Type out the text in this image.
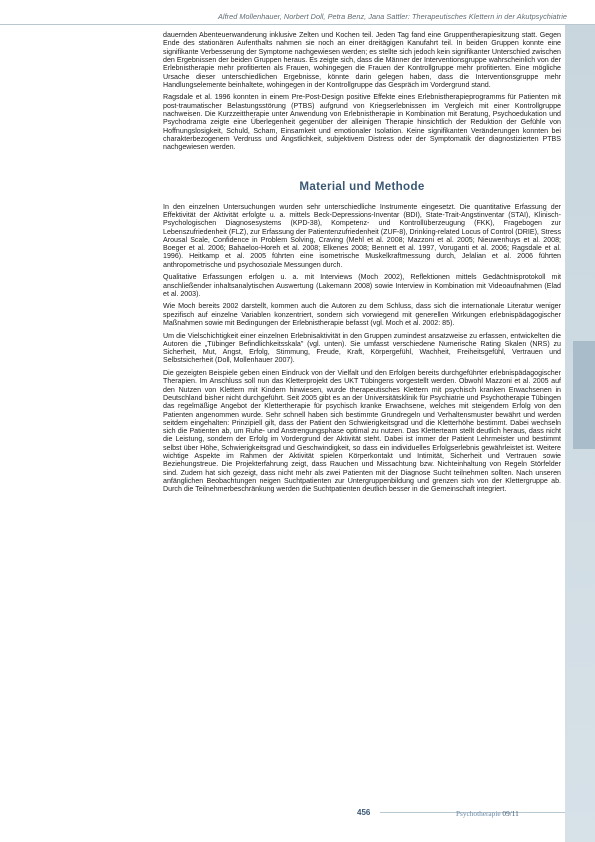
Alfred Mollenhauer, Norbert Doll, Petra Benz, Jana Sattler: Therapeutisches Klettern in der Akutpsychiatrie

dauernden Abenteuerwanderung inklusive Zelten und Kochen teil. Jeden Tag fand eine Gruppentherapiesitzung statt. Gegen Ende des stationären Aufenthalts nahmen sie noch an einer dreitägigen Kanufahrt teil. In beiden Gruppen konnte eine signifikante Verbesserung der Symptome nachgewiesen werden; es stellte sich jedoch kein signifikanter Unterschied zwischen den Ergebnissen der beiden Gruppen heraus. Es zeigte sich, dass die Männer der Interventionsgruppe wahrscheinlich von der Erlebnistherapie mehr profitierten als Frauen, wohingegen die Frauen der Kontrollgruppe mehr profitierten. Eine mögliche Ursache dieser unterschiedlichen Ergebnisse, könnte darin gelegen haben, dass die Interventionsgruppe mehr Handlungselemente beinhaltete, wohingegen in der Kontrollgruppe das Gespräch im Vordergrund stand.

Ragsdale et al. 1996 konnten in einem Pre-Post-Design positive Effekte eines Erlebnistherapieprogramms für Patienten mit post-traumatischer Belastungsstörung (PTBS) aufgrund von Kriegserlebnissen im Vergleich mit einer Kontrollgruppe nachweisen. Die Kurzzeittherapie unter Anwendung von Erlebnistherapie in Kombination mit Beratung, Psychoedukation und Psychodrama zeigte eine Überlegenheit gegenüber der alleinigen Therapie hinsichtlich der Reduktion der Gefühle von Hoffnungslosigkeit, Schuld, Scham, Einsamkeit und emotionaler Isolation. Keine signifikanten Veränderungen konnten bei charakterbezogenem Verdruss und Ängstlichkeit, subjektivem Distress oder der Symptomatik der diagnostizierten PTBS nachgewiesen werden.

Material und Methode

In den einzelnen Untersuchungen wurden sehr unterschiedliche Instrumente eingesetzt. Die quantitative Erfassung der Effektivität der Aktivität erfolgte u. a. mittels Beck-Depressions-Inventar (BDI), State-Trait-Angstinventar (STAI), Klinisch-Psychologischen Diagnosesystems (KPD-38), Kompetenz- und Kontrollüberzeugung (FKK), Fragebogen zur Lebenszufriedenheit (FLZ), zur Erfassung der Patientenzufriedenheit (ZUF-8), Drinking-related Locus of Control (DRIE), Stress Arousal Scale, Confidence in Problem Solving, Craving (Mehl et al. 2008; Mazzoni et al. 2005; Nieuwenhuys et al. 2008; Boeger et al. 2006; Bahaeloo-Horeh et al. 2008; Elkenes 2008; Bennett et al. 1997, Voruganti et al. 2006; Ragsdale et al. 1996). Heitkamp et al. 2005 führten eine isometrische Muskelkraftmessung durch, Jelalian et al. 2006 führten anthropometrische und psychosoziale Messungen durch.

Qualitative Erfassungen erfolgen u. a. mit Interviews (Moch 2002), Reflektionen mittels Gedächtnisprotokoll mit anschließender inhaltsanalytischen Auswertung (Lakemann 2008) sowie Interview in Kombination mit Videoaufnahmen (Elad et al. 2003).

Wie Moch bereits 2002 darstellt, kommen auch die Autoren zu dem Schluss, dass sich die internationale Literatur weniger spezifisch auf einzelne Variablen konzentriert, sondern sich vorwiegend mit generellen Wirkungen erlebnispädagogischer Maßnahmen sowie mit Bedingungen der Erlebnistherapie befasst (vgl. Moch et al. 2002: 85).

Um die Vielschichtigkeit einer einzelnen Erlebnisaktivität in den Gruppen zumindest ansatzweise zu erfassen, entwickelten die Autoren die „Tübinger Befindlichkeitsskala" (vgl. unten). Sie umfasst verschiedene Numerische Rating Skalen (NRS) zu Sicherheit, Mut, Angst, Erfolg, Stimmung, Freude, Kraft, Körpergefühl, Wachheit, Freiheitsgefühl, Vertrauen und Selbstsicherheit (Doll, Mollenhauer 2007).

Die gezeigten Beispiele geben einen Eindruck von der Vielfalt und den Erfolgen bereits durchgeführter erlebnispädagogischer Therapien. Im Anschluss soll nun das Kletterprojekt des UKT Tübingens vorgestellt werden. Obwohl Mazzoni et al. 2005 auf den Nutzen von Klettern mit Kindern hinwiesen, wurde therapeutisches Klettern mit psychisch kranken Erwachsenen in Deutschland bisher nicht durchgeführt. Seit 2005 gibt es an der Universitätsklinik für Psychiatrie und Psychotherapie Tübingen das regelmäßige Angebot der Klettertherapie für psychisch kranke Erwachsene, welches mit steigendem Erfolg von den Patienten angenommen wurde. Sehr schnell haben sich bestimmte Grundregeln und Verhaltensmuster bewährt und werden seitdem eingehalten: Prinzipiell gilt, dass der Patient den Schwierigkeitsgrad und die Kletterhöhe bestimmt. Dabei wechseln sich die Patienten ab, um Ruhe- und Anstrengungsphase optimal zu nutzen. Das Kletterteam stellt deutlich heraus, dass nicht die Leistung, sondern der Erfolg im Vordergrund der Aktivität steht. Dabei ist immer der Patient Lehrmeister und bestimmt selbst über Höhe, Schwierigkeitsgrad und Geschwindigkeit, so dass ein individuelles Erfolgserlebnis gewährleistet ist. Weitere wichtige Aspekte im Rahmen der Aktivität spielen Körperkontakt und Intimität, Sicherheit und Vertrauen sowie Beziehungstreue. Die Projekterfahrung zeigt, dass Rauchen und Missachtung bzw. Nichteinhaltung von Regeln Störfelder sind. Zudem hat sich gezeigt, dass nicht mehr als zwei Patienten mit der Diagnose Sucht teilnehmen sollten. Nach unseren anfänglichen Beobachtungen neigen Suchtpatienten zur Untergruppenbildung und grenzen sich von der Klettergruppe ab. Durch die Teilnehmerbeschränkung werden die Suchtpatienten deutlich besser in die Gemeinschaft integriert.

456	Psychotherapie 09/11
